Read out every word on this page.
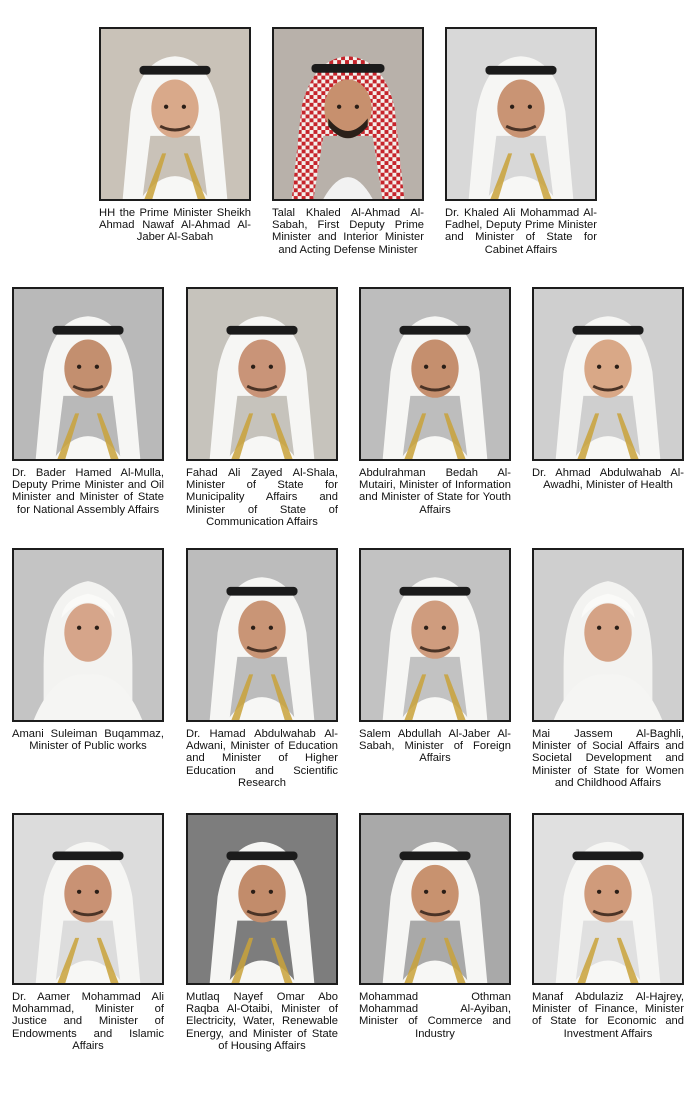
HH the Prime Minister Sheikh Ahmad Nawaf Al-Ahmad Al-Jaber Al-Sabah
Talal Khaled Al-Ahmad Al-Sabah, First Deputy Prime Minister and Interior Minister and Acting Defense Minister
Dr. Khaled Ali Mohammad Al-Fadhel, Deputy Prime Minister and Minister of State for Cabinet Affairs
Dr. Bader Hamed Al-Mulla, Deputy Prime Minister and Oil Minister and Minister of State for National Assembly Affairs
Fahad Ali Zayed Al-Shala, Minister of State for Municipality Affairs and Minister of State of Communication Affairs
Abdulrahman Bedah Al-Mutairi, Minister of Information and Minister of State for Youth Affairs
Dr. Ahmad Abdulwahab Al-Awadhi, Minister of Health
Amani Suleiman Buqammaz, Minister of Public works
Dr. Hamad Abdulwahab Al-Adwani, Minister of Education and Minister of Higher Education and Scientific Research
Salem Abdullah Al-Jaber Al-Sabah, Minister of Foreign Affairs
Mai Jassem Al-Baghli, Minister of Social Affairs and Societal Development and Minister of State for Women and Childhood Affairs
Dr. Aamer Mohammad Ali Mohammad, Minister of Justice and Minister of Endowments and Islamic Affairs
Mutlaq Nayef Omar Abo Raqba Al-Otaibi, Minister of Electricity, Water, Renewable Energy, and Minister of State of Housing Affairs
Mohammad Othman Mohammad Al-Ayiban, Minister of Commerce and Industry
Manaf Abdulaziz Al-Hajrey, Minister of Finance, Minister of State for Economic and Investment Affairs
